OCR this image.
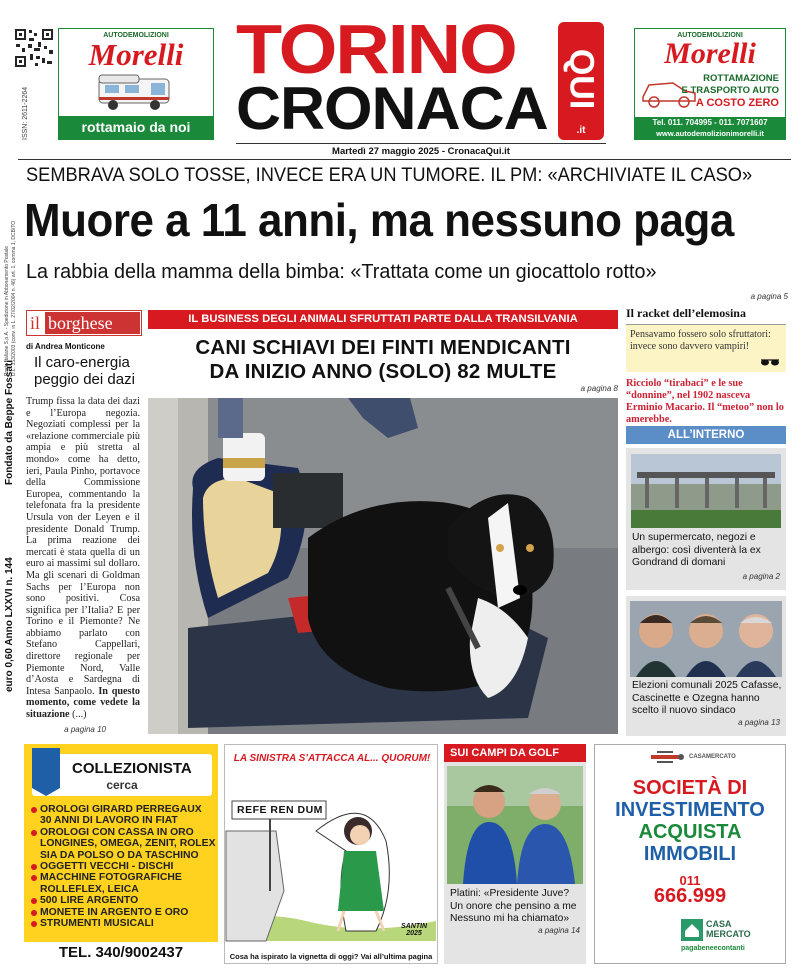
ISSN: 2611-2264
AUTODEMOLIZIONI
Morelli
rottamaio da noi
TORINO
CRONACA QUI
.it
AUTODEMOLIZIONI
Morelli
ROTTAMAZIONE
E TRASPORTO AUTO
A COSTO ZERO
Tel. 011. 704995 - 011. 7071607
www.autodemolizionimorelli.it
Martedì 27 maggio 2025 - CronacaQui.it
SEMBRAVA SOLO TOSSE, INVECE ERA UN TUMORE. IL PM: «ARCHIVIATE IL CASO»
Muore a 11 anni, ma nessuno paga
La rabbia della mamma della bimba: «Trattata come un giocattolo rotto»
a pagina 5
euro 0,60 Anno LXXVI n. 144
Fondato da Beppe Fossati
Poste Italiane S.p.A. - Spedizione in Abbonamento Postale D.L. 353/2003 (conv. in L. 27/02/2004 n. 46) art. 1, comma 1, DCB/TO il borghese
di Andrea Monticone
Il caro-energia peggio dei dazi
Trump fissa la data dei dazi e l’Europa negozia. Negoziati complessi per la «relazione commerciale più ampia e più stretta al mondo» come ha detto, ieri, Paula Pinho, portavoce della Commissione Europea, commentando la telefonata fra la presidente Ursula von der Leyen e il presidente Donald Trump. La prima reazione dei mercati è stata quella di un euro ai massimi sul dollaro. Ma gli scenari di Goldman Sachs per l’Europa non sono positivi. Cosa significa per l’Italia? E per Torino e il Piemonte? Ne abbiamo parlato con Stefano Cappellari, direttore regionale per Piemonte Nord, Valle d’Aosta e Sardegna di Intesa Sanpaolo. In questo momento, come vedete la situazione (...)
a pagina 10
IL BUSINESS DEGLI ANIMALI SFRUTTATI PARTE DALLA TRANSILVANIA
CANI SCHIAVI DEI FINTI MENDICANTI
DA INIZIO ANNO (SOLO) 82 MULTE
a pagina 8
Il racket dell’elemosina
Pensavamo fossero solo sfruttatori: invece sono davvero vampiri!
Ricciolo “tirabaci” e le sue “donnine”, nel 1902 nasceva Erminio Macario. Il “metoo” non lo amerebbe.
ALL’INTERNO
Un supermercato, negozi e albergo: così diventerà la ex Gondrand di domani
a pagina 2
Elezioni comunali 2025 Cafasse, Cascinette e Ozegna hanno scelto il nuovo sindaco
a pagina 13
COLLEZIONISTA
cerca
OROLOGI GIRARD PERREGAUX 30 ANNI DI LAVORO IN FIAT
OROLOGI CON CASSA IN ORO LONGINES, OMEGA, ZENIT, ROLEX SIA DA POLSO O DA TASCHINO
OGGETTI VECCHI - DISCHI
MACCHINE FOTOGRAFICHE ROLLEFLEX, LEICA
500 LIRE ARGENTO
MONETE IN ARGENTO E ORO
STRUMENTI MUSICALI
TEL. 340/9002437
LA SINISTRA S’ATTACCA AL... QUORUM!
REFE REN DUM
SANTIN 2025
Cosa ha ispirato la vignetta di oggi? Vai all’ultima pagina
SUI CAMPI DA GOLF
Platini: «Presidente Juve? Un onore che pensino a me Nessuno mi ha chiamato»
a pagina 14
CASAMERCATO
SOCIETÀ DI
INVESTIMENTO
ACQUISTA
IMMOBILI
011
666.999
CASA
MERCATO
pagabeneecontanti
